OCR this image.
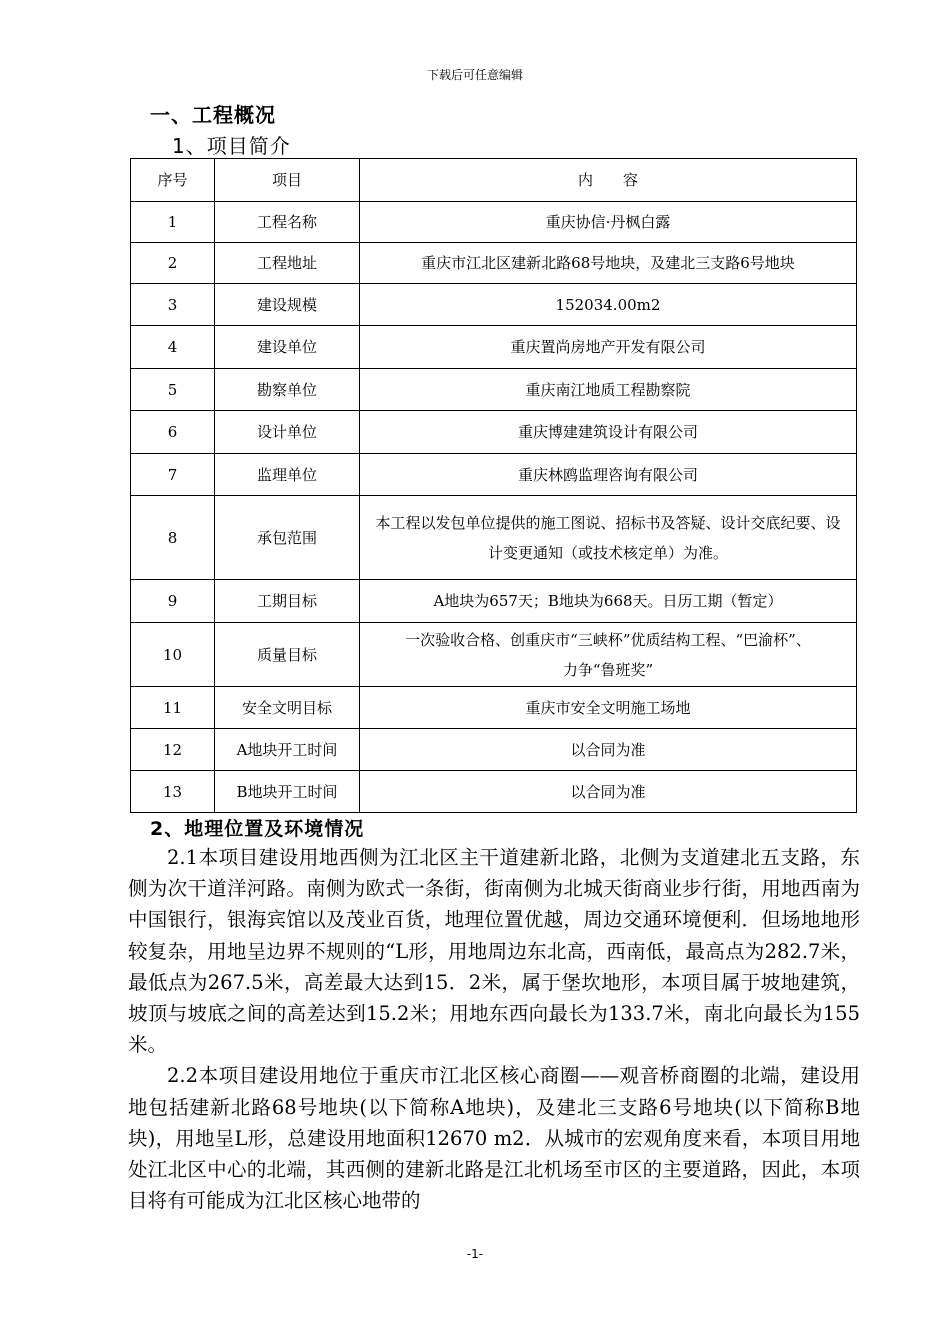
下载后可任意编辑
一、工程概况
1、项目简介
序号	项目	内　　容
1	工程名称	重庆协信·丹枫白露
2	工程地址	重庆市江北区建新北路68号地块，及建北三支路6号地块
3	建设规模	152034.00m2
4	建设单位	重庆置尚房地产开发有限公司
5	勘察单位	重庆南江地质工程勘察院
6	设计单位	重庆博建建筑设计有限公司
7	监理单位	重庆林鸥监理咨询有限公司
8	承包范围	本工程以发包单位提供的施工图说、招标书及答疑、设计交底纪要、设计变更通知（或技术核定单）为准。
9	工期目标	A地块为657天；B地块为668天。日历工期（暂定）
10	质量目标	一次验收合格、创重庆市“三峡杯”优质结构工程、“巴渝杯”、力争“鲁班奖”
11	安全文明目标	重庆市安全文明施工场地
12	A地块开工时间	以合同为准
13	B地块开工时间	以合同为准
2、地理位置及环境情况

2.1本项目建设用地西侧为江北区主干道建新北路，北侧为支道建北五支路，东侧为次干道洋河路。南侧为欧式一条街，街南侧为北城天街商业步行街，用地西南为中国银行，银海宾馆以及茂业百货，地理位置优越，周边交通环境便利．但场地地形较复杂，用地呈边界不规则的“L形，用地周边东北高，西南低，最高点为282.7米，最低点为267.5米，高差最大达到15．2米，属于堡坎地形，本项目属于坡地建筑，坡顶与坡底之间的高差达到15.2米；用地东西向最长为133.7米，南北向最长为155米。

2.2本项目建设用地位于重庆市江北区核心商圈——观音桥商圈的北端，建设用地包括建新北路68号地块(以下简称A地块)，及建北三支路6号地块(以下简称B地块)，用地呈L形，总建设用地面积12670 m2．从城市的宏观角度来看，本项目用地处江北区中心的北端，其西侧的建新北路是江北机场至市区的主要道路，因此，本项目将有可能成为江北区核心地带的

-1-
